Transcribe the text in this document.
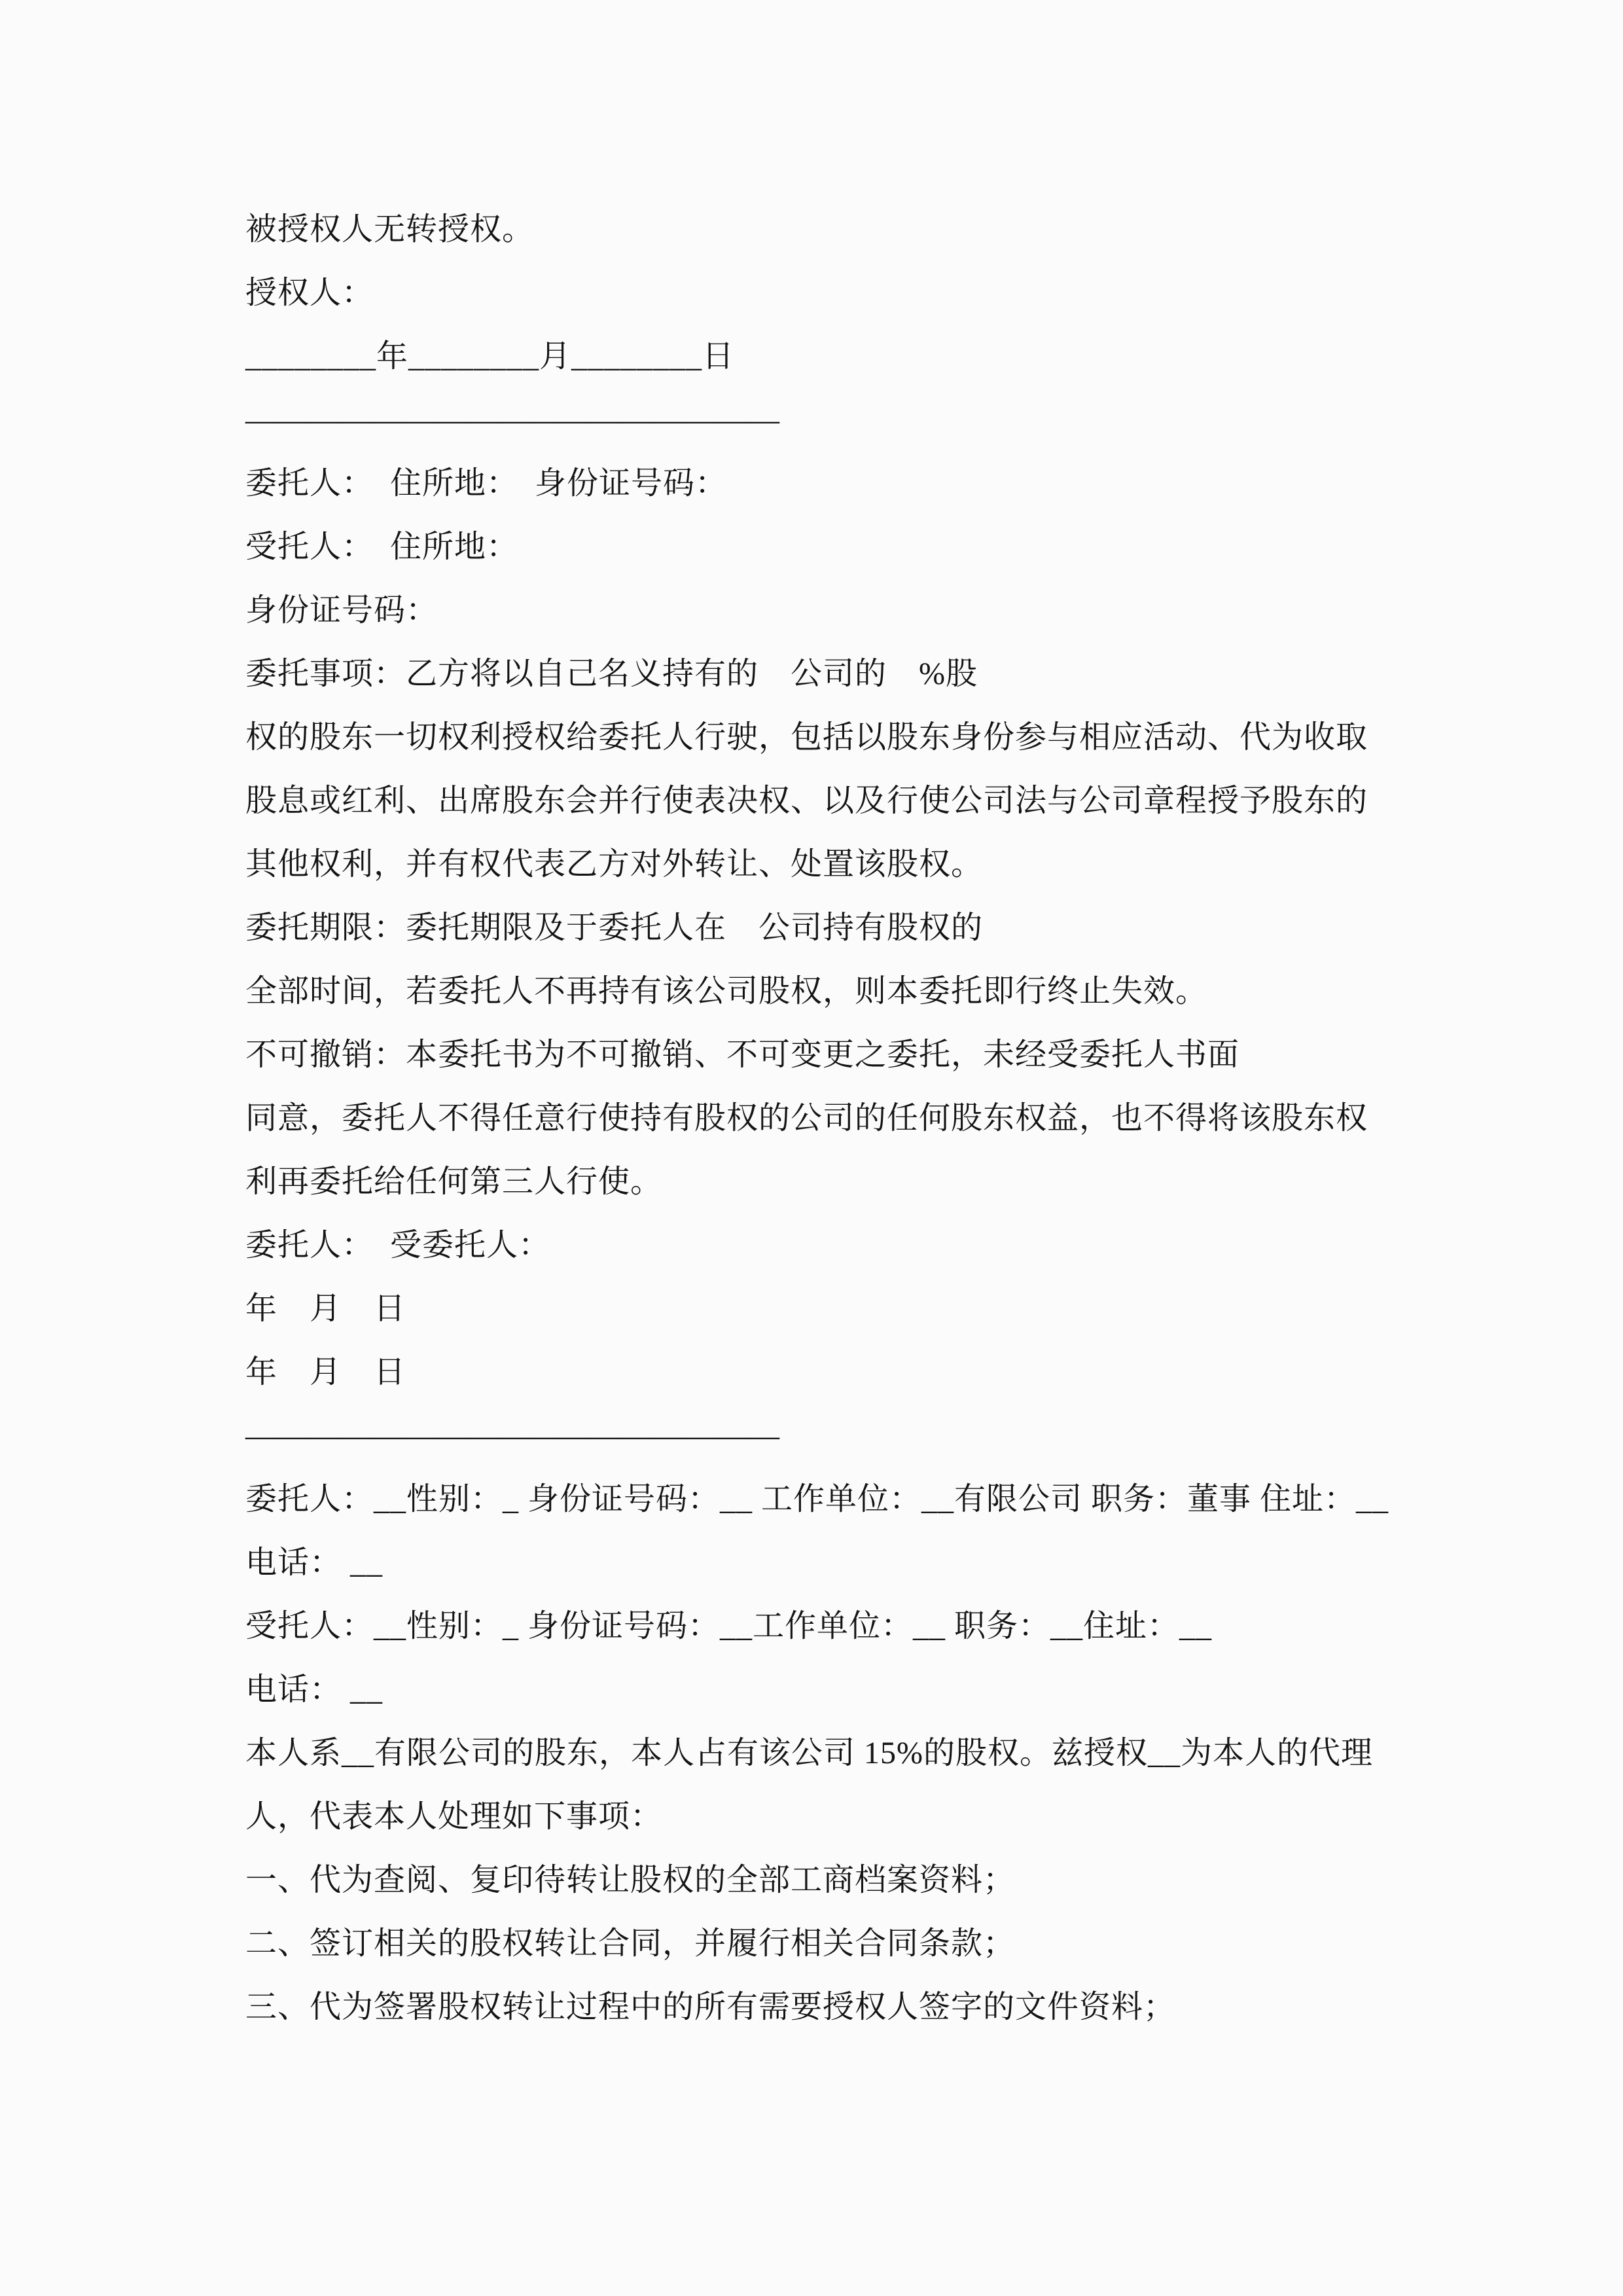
被授权人无转授权。

授权人：

________年________月________日

—————————————————

委托人：　住所地：　身份证号码：

受托人：　住所地：

身份证号码：

委托事项：乙方将以自己名义持有的　公司的　%股

权的股东一切权利授权给委托人行驶，包括以股东身份参与相应活动、代为收取

股息或红利、出席股东会并行使表决权、以及行使公司法与公司章程授予股东的

其他权利，并有权代表乙方对外转让、处置该股权。

委托期限：委托期限及于委托人在　公司持有股权的

全部时间，若委托人不再持有该公司股权，则本委托即行终止失效。

不可撤销：本委托书为不可撤销、不可变更之委托，未经受委托人书面

同意，委托人不得任意行使持有股权的公司的任何股东权益，也不得将该股东权

利再委托给任何第三人行使。

委托人：　受委托人：

年　月　日

年　月　日

—————————————————

委托人：__性别：_ 身份证号码：__ 工作单位：__有限公司 职务：董事 住址：__

电话： __

受托人：__性别：_ 身份证号码：__工作单位：__ 职务：__住址：__

电话： __

本人系__有限公司的股东，本人占有该公司 15%的股权。兹授权__为本人的代理

人，代表本人处理如下事项：

一、代为查阅、复印待转让股权的全部工商档案资料；

二、签订相关的股权转让合同，并履行相关合同条款；

三、代为签署股权转让过程中的所有需要授权人签字的文件资料；
